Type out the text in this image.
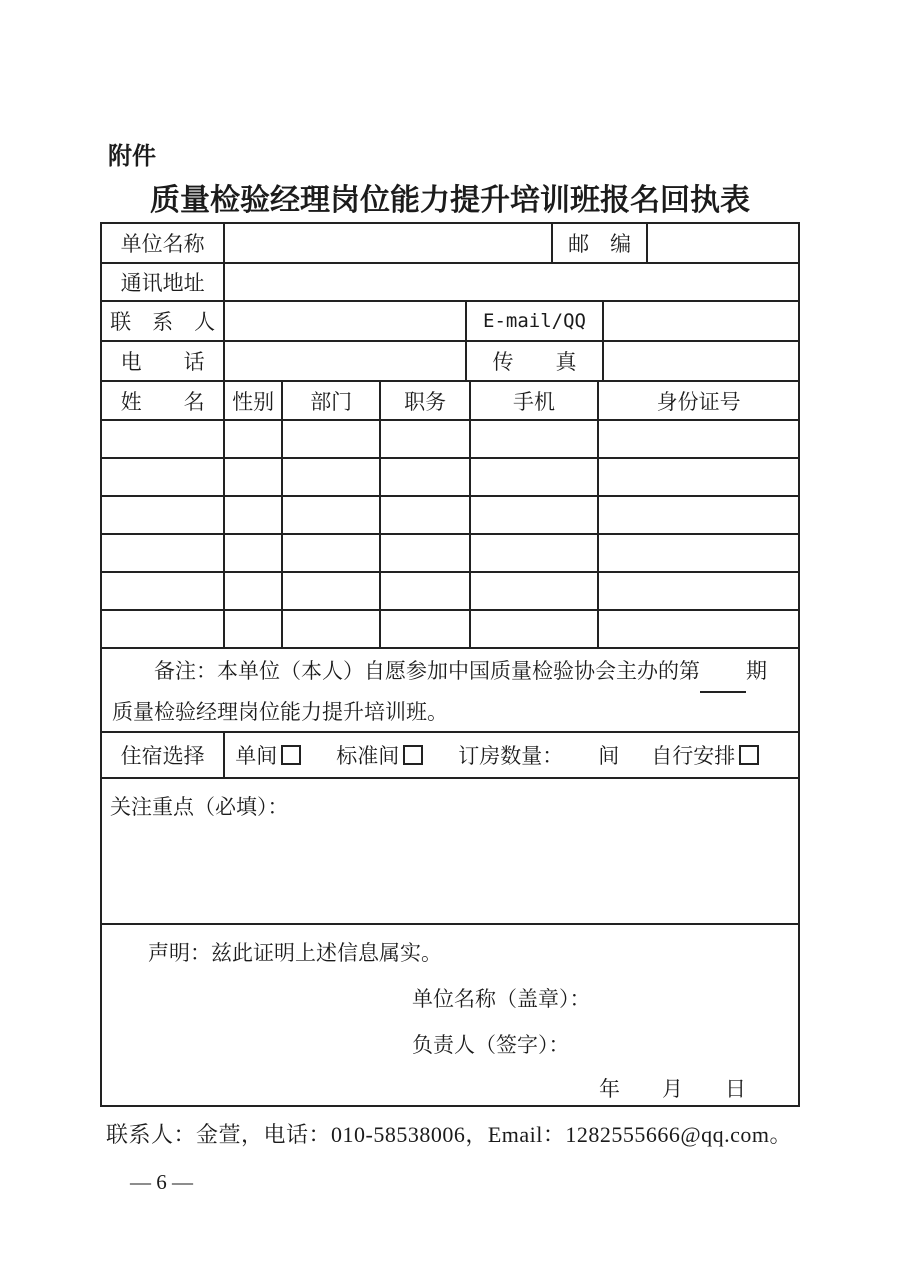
附件
质量检验经理岗位能力提升培训班报名回执表
单位名称	邮　编
通讯地址
联　系　人	E-mail/QQ
电　　话	传　　真
姓　　名	性别	部门	职务	手机	身份证号

备注：本单位（本人）自愿参加中国质量检验协会主办的第 期

质量检验经理岗位能力提升培训班。

住宿选择	单间	标准间	订房数量： 间 自行安排
关注重点（必填）：
声明：兹此证明上述信息属实。
单位名称（盖章）：
负责人（签字）：
年　　月　　日
联系人：金萱，电话：010-58538006，Email：1282555666@qq.com。
— 6 —
